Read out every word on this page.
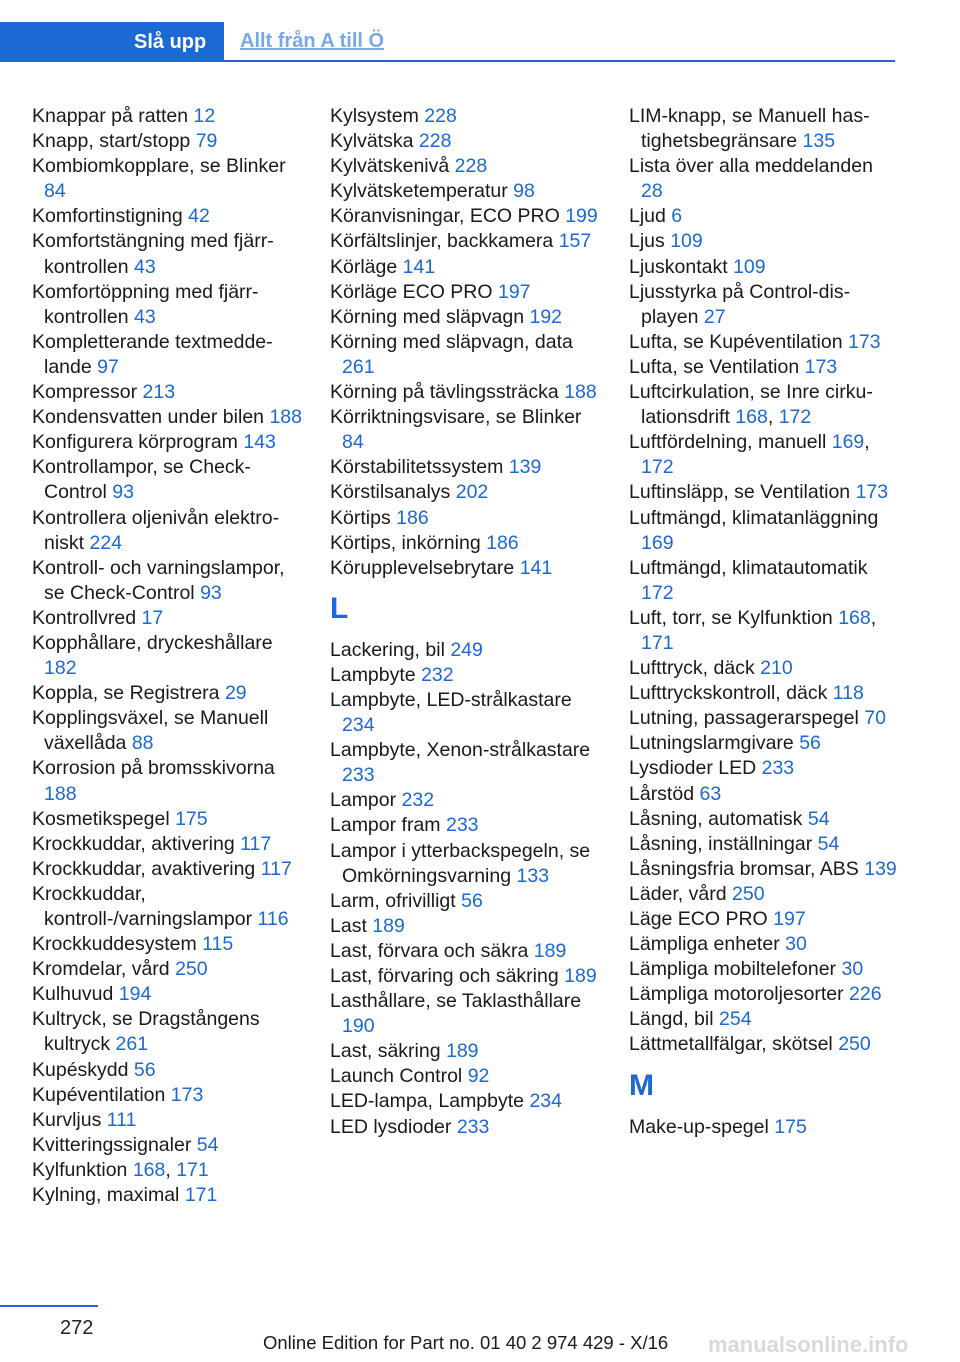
Slå upp	Allt från A till Ö
Knappar på ratten 12
Knapp, start/stopp 79
Kombiomkopplare, se Blinker 84
Komfortinstigning 42
Komfortstängning med fjärrkontrollen 43
Komfortöppning med fjärrkontrollen 43
Kompletterande textmeddelande 97
Kompressor 213
Kondensvatten under bilen 188
Konfigurera körprogram 143
Kontrollampor, se Check-Control 93
Kontrollera oljenivån elektroniskt 224
Kontroll- och varningslampor, se Check-Control 93
Kontrollvred 17
Kopphållare, dryckeshållare 182
Koppla, se Registrera 29
Kopplingsväxel, se Manuell växellåda 88
Korrosion på bromsskivorna 188
Kosmetikspegel 175
Krockkuddar, aktivering 117
Krockkuddar, avaktivering 117
Krockkuddar, kontroll-/varningslampor 116
Krockkuddesystem 115
Kromdelar, vård 250
Kulhuvud 194
Kultryck, se Dragstångens kultryck 261
Kupéskydd 56
Kupéventilation 173
Kurvljus 111
Kvitteringssignaler 54
Kylfunktion 168, 171
Kylning, maximal 171
Kylsystem 228
Kylvätska 228
Kylvätskenivå 228
Kylvätsketemperatur 98
Köranvisningar, ECO PRO 199
Körfältslinjer, backkamera 157
Körläge 141
Körläge ECO PRO 197
Körning med släpvagn 192
Körning med släpvagn, data 261
Körning på tävlingssträcka 188
Körriktningsvisare, se Blinker 84
Körstabilitetssystem 139
Körstilsanalys 202
Körtips 186
Körtips, inkörning 186
Körupplevelsebrytare 141
L
Lackering, bil 249
Lampbyte 232
Lampbyte, LED-strålkastare 234
Lampbyte, Xenon-strålkastare 233
Lampor 232
Lampor fram 233
Lampor i ytterbackspegeln, se Omkörningsvarning 133
Larm, ofrivilligt 56
Last 189
Last, förvara och säkra 189
Last, förvaring och säkring 189
Lasthållare, se Taklasthållare 190
Last, säkring 189
Launch Control 92
LED-lampa, Lampbyte 234
LED lysdioder 233
LIM-knapp, se Manuell hastighetsbegränsare 135
Lista över alla meddelanden 28
Ljud 6
Ljus 109
Ljuskontakt 109
Ljusstyrka på Control-displayen 27
Lufta, se Kupéventilation 173
Lufta, se Ventilation 173
Luftcirkulation, se Inre cirkulationsdrift 168, 172
Luftfördelning, manuell 169, 172
Luftinsläpp, se Ventilation 173
Luftmängd, klimatanläggning 169
Luftmängd, klimatautomatik 172
Luft, torr, se Kylfunktion 168, 171
Lufttryck, däck 210
Lufttryckskontroll, däck 118
Lutning, passagerarspegel 70
Lutningslarmgivare 56
Lysdioder LED 233
Lårstöd 63
Låsning, automatisk 54
Låsning, inställningar 54
Låsningsfria bromsar, ABS 139
Läder, vård 250
Läge ECO PRO 197
Lämpliga enheter 30
Lämpliga mobiltelefoner 30
Lämpliga motoroljesorter 226
Längd, bil 254
Lättmetallfälgar, skötsel 250
M
Make-up-spegel 175
272
Online Edition for Part no. 01 40 2 974 429 - X/16 manualsonline.info
